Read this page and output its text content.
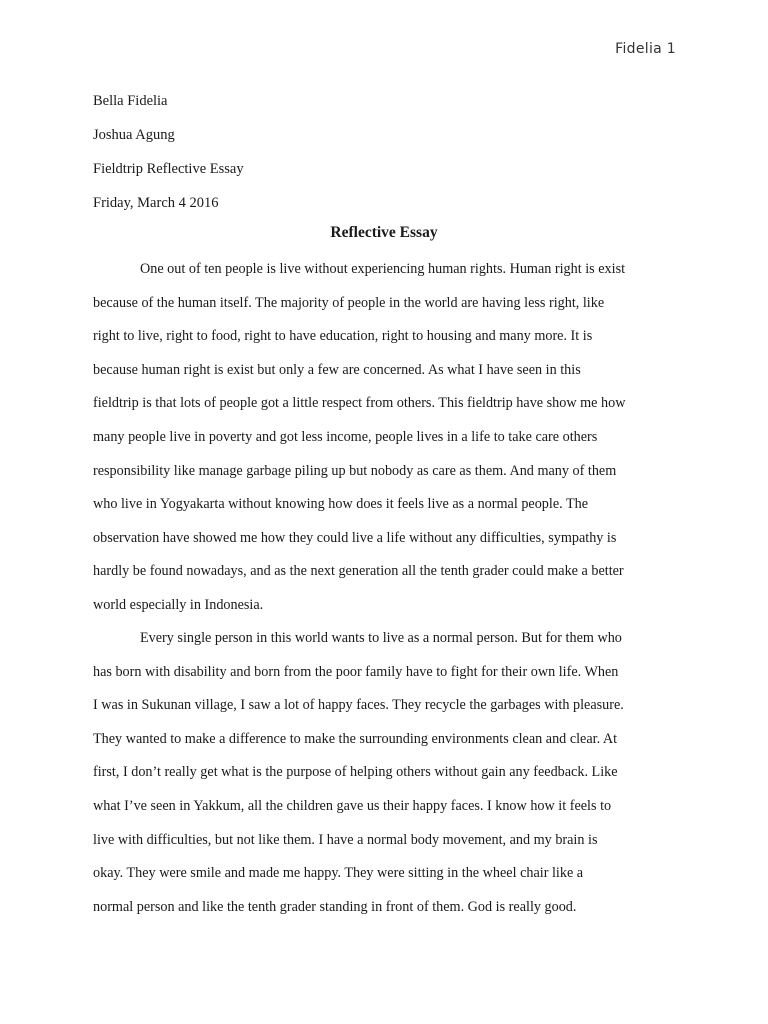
Fidelia 1
Bella Fidelia
Joshua Agung
Fieldtrip Reflective Essay
Friday, March 4 2016
Reflective Essay
One out of ten people is live without experiencing human rights. Human right is exist
because of the human itself. The majority of people in the world are having less right, like
right to live, right to food, right to have education, right to housing and many more. It is
because human right is exist but only a few are concerned. As what I have seen in this
fieldtrip is that lots of people got a little respect from others. This fieldtrip have show me how
many people live in poverty and got less income, people lives in a life to take care others
responsibility like manage garbage piling up but nobody as care as them. And many of them
who live in Yogyakarta without knowing how does it feels live as a normal people. The
observation have showed me how they could live a life without any difficulties, sympathy is
hardly be found nowadays, and as the next generation all the tenth grader could make a better
world especially in Indonesia.
Every single person in this world wants to live as a normal person. But for them who
has born with disability and born from the poor family have to fight for their own life. When
I was in Sukunan village, I saw a lot of happy faces. They recycle the garbages with pleasure.
They wanted to make a difference to make the surrounding environments clean and clear. At
first, I don’t really get what is the purpose of helping others without gain any feedback. Like
what I’ve seen in Yakkum, all the children gave us their happy faces. I know how it feels to
live with difficulties, but not like them. I have a normal body movement, and my brain is
okay. They were smile and made me happy. They were sitting in the wheel chair like a
normal person and like the tenth grader standing in front of them. God is really good.
